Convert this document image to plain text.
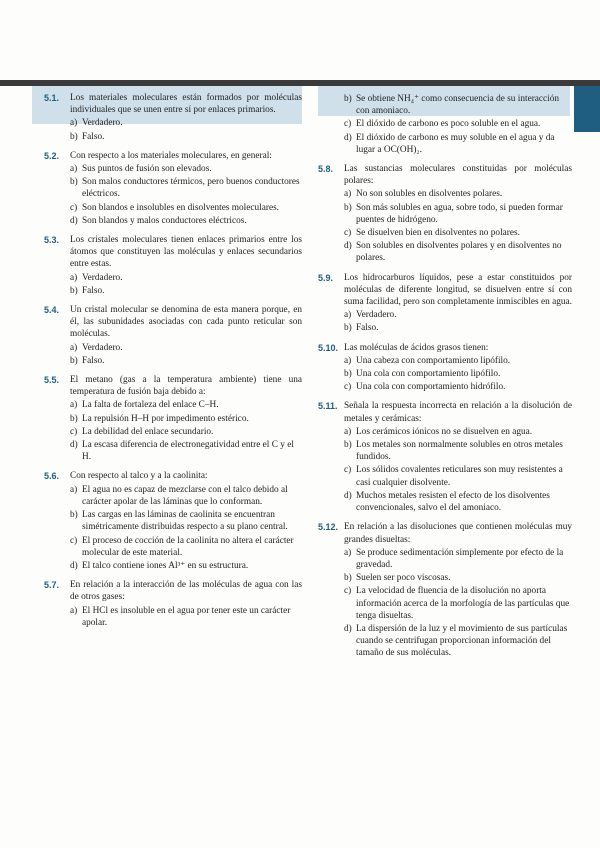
5.1. Los materiales moleculares están formados por moléculas individuales que se unen entre sí por enlaces primarios.
a) Verdadero.
b) Falso.
5.2. Con respecto a los materiales moleculares, en general:
a) Sus puntos de fusión son elevados.
b) Son malos conductores térmicos, pero buenos conductores eléctricos.
c) Son blandos e insolubles en disolventes moleculares.
d) Son blandos y malos conductores eléctricos.
5.3. Los cristales moleculares tienen enlaces primarios entre los átomos que constituyen las moléculas y enlaces secundarios entre estas.
a) Verdadero.
b) Falso.
5.4. Un cristal molecular se denomina de esta manera porque, en él, las subunidades asociadas con cada punto reticular son moléculas.
a) Verdadero.
b) Falso.
5.5. El metano (gas a la temperatura ambiente) tiene una temperatura de fusión baja debido a:
a) La falta de fortaleza del enlace C–H.
b) La repulsión H–H por impedimento estérico.
c) La debilidad del enlace secundario.
d) La escasa diferencia de electronegatividad entre el C y el H.
5.6. Con respecto al talco y a la caolinita:
a) El agua no es capaz de mezclarse con el talco debido al carácter apolar de las láminas que lo conforman.
b) Las cargas en las láminas de caolinita se encuentran simétricamente distribuidas respecto a su plano central.
c) El proceso de cocción de la caolinita no altera el carácter molecular de este material.
d) El talco contiene iones Al³⁺ en su estructura.
5.7. En relación a la interacción de las moléculas de agua con las de otros gases:
a) El HCl es insoluble en el agua por tener este un carácter apolar.
b) Se obtiene NH₄⁺ como consecuencia de su interacción con amoniaco.
c) El dióxido de carbono es poco soluble en el agua.
d) El dióxido de carbono es muy soluble en el agua y da lugar a OC(OH)₂.
5.8. Las sustancias moleculares constituidas por moléculas polares:
a) No son solubles en disolventes polares.
b) Son más solubles en agua, sobre todo, si pueden formar puentes de hidrógeno.
c) Se disuelven bien en disolventes no polares.
d) Son solubles en disolventes polares y en disolventes no polares.
5.9. Los hidrocarburos líquidos, pese a estar constituidos por moléculas de diferente longitud, se disuelven entre sí con suma facilidad, pero son completamente inmiscibles en agua.
a) Verdadero.
b) Falso.
5.10. Las moléculas de ácidos grasos tienen:
a) Una cabeza con comportamiento lipófilo.
b) Una cola con comportamiento lipófilo.
c) Una cola con comportamiento hidrófilo.
5.11. Señala la respuesta incorrecta en relación a la disolución de metales y cerámicas:
a) Los cerámicos iónicos no se disuelven en agua.
b) Los metales son normalmente solubles en otros metales fundidos.
c) Los sólidos covalentes reticulares son muy resistentes a casi cualquier disolvente.
d) Muchos metales resisten el efecto de los disolventes convencionales, salvo el del amoniaco.
5.12. En relación a las disoluciones que contienen moléculas muy grandes disueltas:
a) Se produce sedimentación simplemente por efecto de la gravedad.
b) Suelen ser poco viscosas.
c) La velocidad de fluencia de la disolución no aporta información acerca de la morfología de las partículas que tenga disueltas.
d) La dispersión de la luz y el movimiento de sus partículas cuando se centrifugan proporcionan información del tamaño de sus moléculas.
